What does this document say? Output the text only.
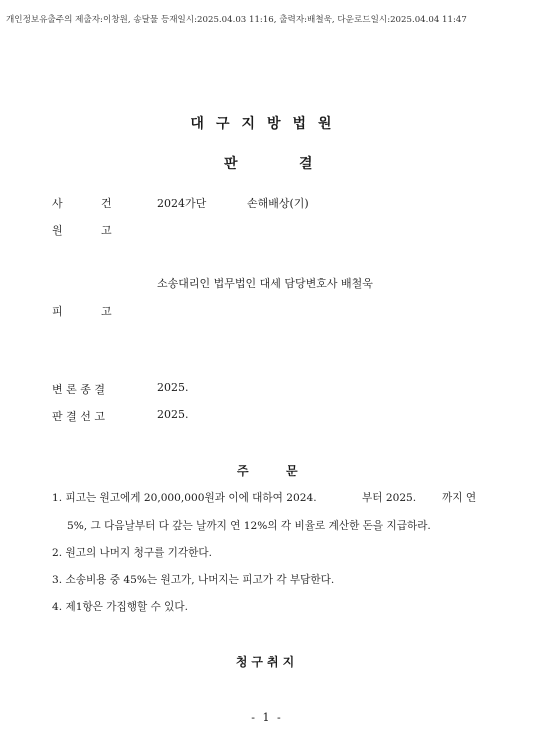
개인정보유출주의 제출자:이창원, 송달물 등재일시:2025.04.03 11:16, 출력자:배철욱, 다운로드일시:2025.04.04 11:47
대구지방법원
판	결
사	건	2024가단	손해배상(기)
원	고
소송대리인 법무법인 대세 담당변호사 배철욱
피	고
변 론 종 결	2025.
판 결 선 고	2025.
주	문
1. 피고는 원고에게 20,000,000원과 이에 대하여 2024.	부터 2025. 까지 연
5%, 그 다음날부터 다 갚는 날까지 연 12%의 각 비율로 계산한 돈을 지급하라.
2. 원고의 나머지 청구를 기각한다.
3. 소송비용 중 45%는 원고가, 나머지는 피고가 각 부담한다.
4. 제1항은 가집행할 수 있다.
청구취지
- 1 -
